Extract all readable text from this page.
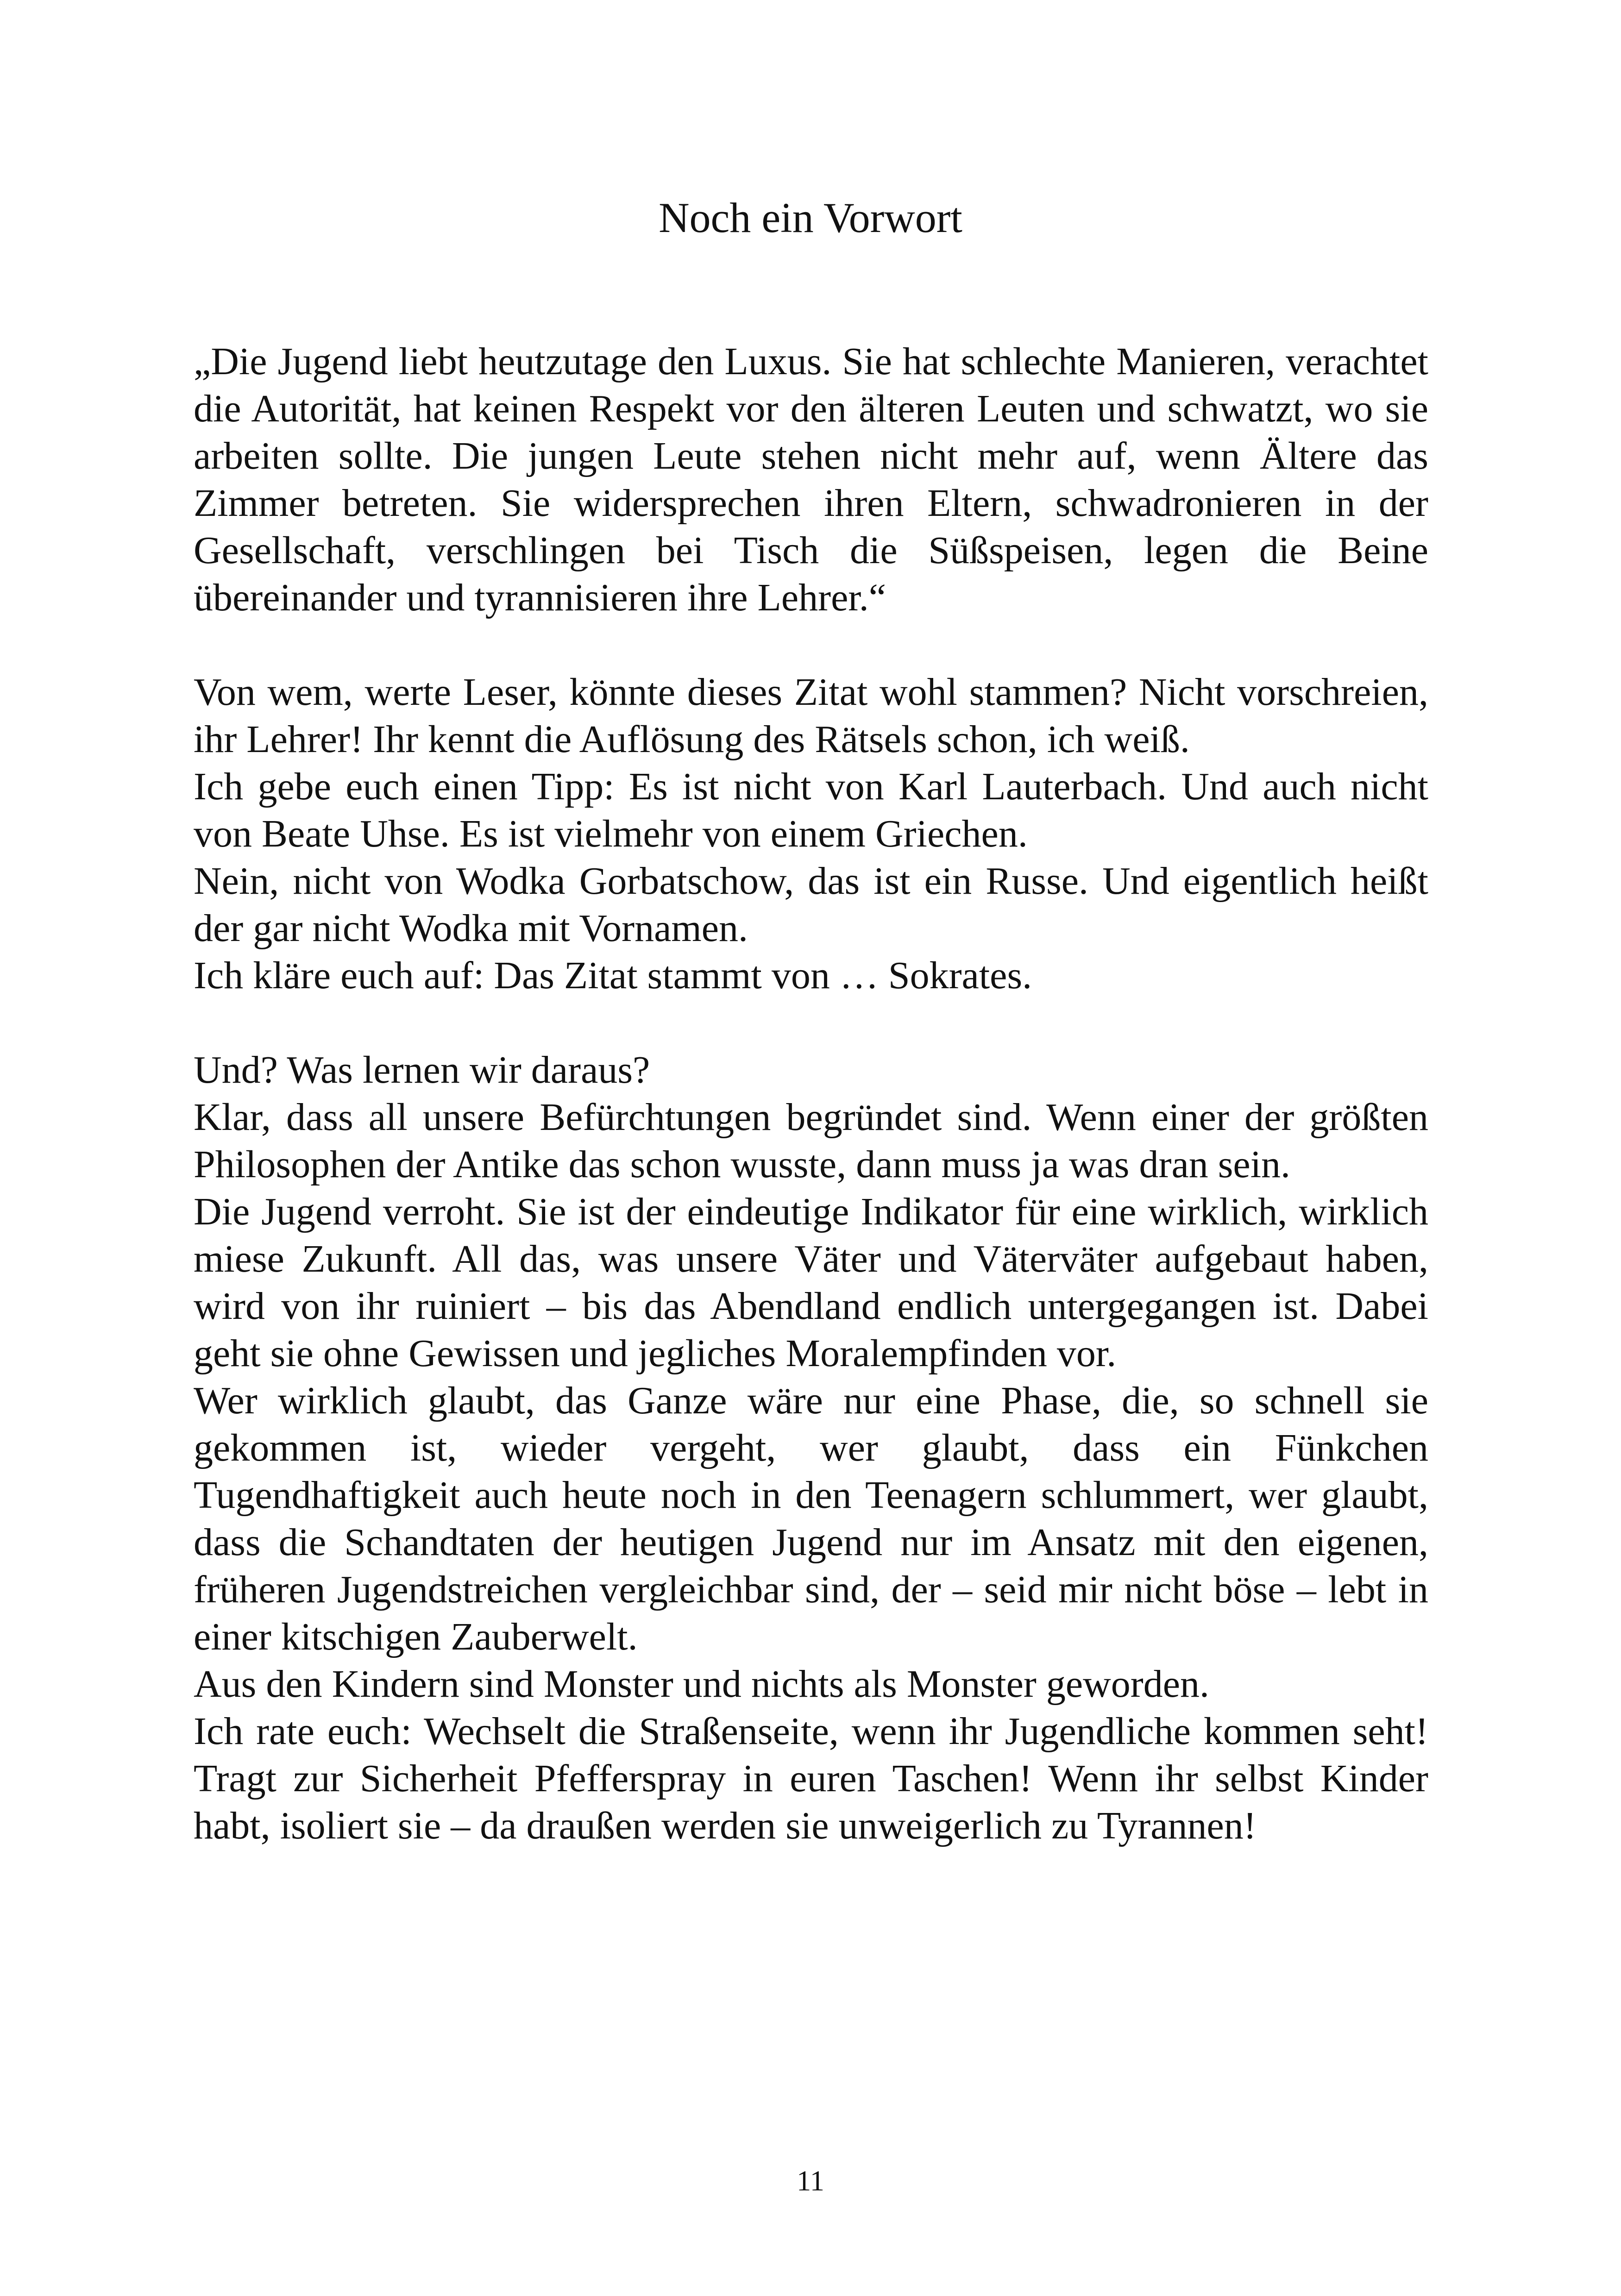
Noch ein Vorwort

„Die Jugend liebt heutzutage den Luxus. Sie hat schlechte Manieren, verachtet die Autorität, hat keinen Respekt vor den älteren Leuten und schwatzt, wo sie arbeiten sollte. Die jungen Leute stehen nicht mehr auf, wenn Ältere das Zimmer betreten. Sie widersprechen ihren Eltern, schwadronieren in der Gesellschaft, verschlingen bei Tisch die Süßspeisen, legen die Beine übereinander und tyrannisieren ihre Lehrer.“

Von wem, werte Leser, könnte dieses Zitat wohl stammen? Nicht vorschreien, ihr Lehrer! Ihr kennt die Auflösung des Rätsels schon, ich weiß.

Ich gebe euch einen Tipp: Es ist nicht von Karl Lauterbach. Und auch nicht von Beate Uhse. Es ist vielmehr von einem Griechen.

Nein, nicht von Wodka Gorbatschow, das ist ein Russe. Und eigentlich heißt der gar nicht Wodka mit Vornamen.

Ich kläre euch auf: Das Zitat stammt von … Sokrates.

Und? Was lernen wir daraus?

Klar, dass all unsere Befürchtungen begründet sind. Wenn einer der größten Philosophen der Antike das schon wusste, dann muss ja was dran sein.

Die Jugend verroht. Sie ist der eindeutige Indikator für eine wirklich, wirklich miese Zukunft. All das, was unsere Väter und Väterväter aufgebaut haben, wird von ihr ruiniert – bis das Abendland endlich untergegangen ist. Dabei geht sie ohne Gewissen und jegliches Moralempfinden vor.

Wer wirklich glaubt, das Ganze wäre nur eine Phase, die, so schnell sie gekommen ist, wieder vergeht, wer glaubt, dass ein Fünkchen Tugendhaftigkeit auch heute noch in den Teenagern schlummert, wer glaubt, dass die Schandtaten der heutigen Jugend nur im Ansatz mit den eigenen, früheren Jugendstreichen vergleichbar sind, der – seid mir nicht böse – lebt in einer kitschigen Zauberwelt.

Aus den Kindern sind Monster und nichts als Monster geworden.

Ich rate euch: Wechselt die Straßenseite, wenn ihr Jugendliche kommen seht! Tragt zur Sicherheit Pfefferspray in euren Taschen! Wenn ihr selbst Kinder habt, isoliert sie – da draußen werden sie unweigerlich zu Tyrannen!

11
